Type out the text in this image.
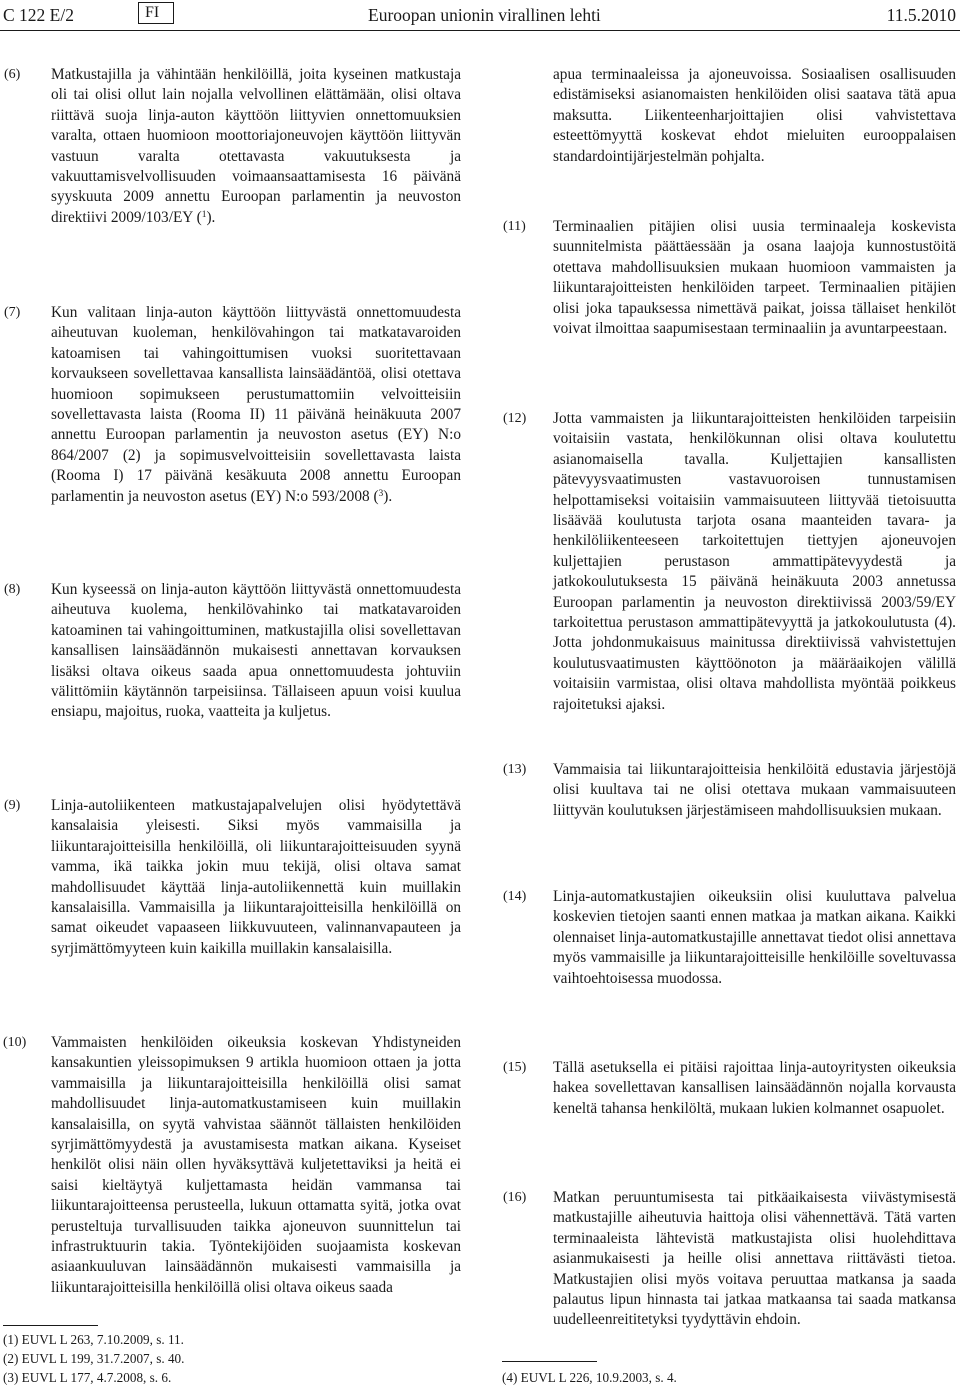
C 122 E/2	FI	Euroopan unionin virallinen lehti	11.5.2010
(6) Matkustajilla ja vähintään henkilöillä, joita kyseinen matkustaja oli tai olisi ollut lain nojalla velvollinen elättämään, olisi oltava riittävä suoja linja-auton käyttöön liittyvien onnettomuuksien varalta, ottaen huomioon moottoriajoneuvojen käyttöön liittyvän vastuun varalta otettavasta vakuutuksesta ja vakuuttamisvelvollisuuden voimaansaattamisesta 16 päivänä syyskuuta 2009 annettu Euroopan parlamentin ja neuvoston direktiivi 2009/103/EY ($^1$).

(7) Kun valitaan linja-auton käyttöön liittyvästä onnettomuudesta aiheutuvan kuoleman, henkilövahingon tai matkatavaroiden katoamisen tai vahingoittumisen vuoksi suoritettavaan korvaukseen sovellettavaa kansallista lainsäädäntöä, olisi otettava huomioon sopimukseen perustumattomiin velvoitteisiin sovellettavasta laista (Rooma II) 11 päivänä heinäkuuta 2007 annettu Euroopan parlamentin ja neuvoston asetus (EY) N:o 864/2007 (2) ja sopimusvelvoitteisiin sovellettavasta laista (Rooma I) 17 päivänä kesäkuuta 2008 annettu Euroopan parlamentin ja neuvoston asetus (EY) N:o 593/2008 ($^3$).

(8) Kun kyseessä on linja-auton käyttöön liittyvästä onnettomuudesta aiheutuva kuolema, henkilövahinko tai matkatavaroiden katoaminen tai vahingoittuminen, matkustajilla olisi sovellettavan kansallisen lainsäädännön mukaisesti annettavan korvauksen lisäksi oltava oikeus saada apua onnettomuudesta johtuviin välittömiin käytännön tarpeisiinsa. Tällaiseen apuun voisi kuulua ensiapu, majoitus, ruoka, vaatteita ja kuljetus.

(9) Linja-autoliikenteen matkustajapalvelujen olisi hyödytettävä kansalaisia yleisesti. Siksi myös vammaisilla ja liikuntarajoitteisilla henkilöillä, oli liikuntarajoitteisuuden syynä vamma, ikä taikka jokin muu tekijä, olisi oltava samat mahdollisuudet käyttää linja-autoliikennettä kuin muillakin kansalaisilla. Vammaisilla ja liikuntarajoitteisilla henkilöillä on samat oikeudet vapaaseen liikkuvuuteen, valinnanvapauteen ja syrjimättömyyteen kuin kaikilla muillakin kansalaisilla.

(10) Vammaisten henkilöiden oikeuksia koskevan Yhdistyneiden kansakuntien yleissopimuksen 9 artikla huomioon ottaen ja jotta vammaisilla ja liikuntarajoitteisilla henkilöillä olisi samat mahdollisuudet linja-automatkustamiseen kuin muillakin kansalaisilla, on syytä vahvistaa säännöt tällaisten henkilöiden syrjimättömyydestä ja avustamisesta matkan aikana. Kyseiset henkilöt olisi näin ollen hyväksyttävä kuljetettaviksi ja heitä ei saisi kieltäytyä kuljettamasta heidän vammansa tai liikuntarajoitteensa perusteella, lukuun ottamatta syitä, jotka ovat perusteltuja turvallisuuden taikka ajoneuvon suunnittelun tai infrastruktuurin takia. Työntekijöiden suojaamista koskevan asiaankuuluvan lainsäädännön mukaisesti vammaisilla ja liikuntarajoitteisilla henkilöillä olisi oltava oikeus saada

(1) EUVL L 263, 7.10.2009, s. 11.
(2) EUVL L 199, 31.7.2007, s. 40.
(3) EUVL L 177, 4.7.2008, s. 6.

apua terminaaleissa ja ajoneuvoissa. Sosiaalisen osallisuuden edistämiseksi asianomaisten henkilöiden olisi saatava tätä apua maksutta. Liikenteenharjoittajien olisi vahvistettava esteettömyyttä koskevat ehdot mieluiten eurooppalaisen standardointijärjestelmän pohjalta.

(11) Terminaalien pitäjien olisi uusia terminaaleja koskevista suunnitelmista päättäessään ja osana laajoja kunnostustöitä otettava mahdollisuuksien mukaan huomioon vammaisten ja liikuntarajoitteisten henkilöiden tarpeet. Terminaalien pitäjien olisi joka tapauksessa nimettävä paikat, joissa tällaiset henkilöt voivat ilmoittaa saapumisestaan terminaaliin ja avuntarpeestaan.

(12) Jotta vammaisten ja liikuntarajoitteisten henkilöiden tarpeisiin voitaisiin vastata, henkilökunnan olisi oltava koulutettu asianomaisella tavalla. Kuljettajien kansallisten pätevyysvaatimusten vastavuoroisen tunnustamisen helpottamiseksi voitaisiin vammaisuuteen liittyvää tietoisuutta lisäävää koulutusta tarjota osana maanteiden tavara- ja henkilöliikenteeseen tarkoitettujen tiettyjen ajoneuvojen kuljettajien perustason ammattipätevyydestä ja jatkokoulutuksesta 15 päivänä heinäkuuta 2003 annetussa Euroopan parlamentin ja neuvoston direktiivissä 2003/59/EY tarkoitettua perustason ammattipätevyyttä ja jatkokoulutusta (4). Jotta johdonmukaisuus mainitussa direktiivissä vahvistettujen koulutusvaatimusten käyttöönoton ja määräaikojen välillä voitaisiin varmistaa, olisi oltava mahdollista myöntää poikkeus rajoitetuksi ajaksi.

(13) Vammaisia tai liikuntarajoitteisia henkilöitä edustavia järjestöjä olisi kuultava tai ne olisi otettava mukaan vammaisuuteen liittyvän koulutuksen järjestämiseen mahdollisuuksien mukaan.

(14) Linja-automatkustajien oikeuksiin olisi kuuluttava palvelua koskevien tietojen saanti ennen matkaa ja matkan aikana. Kaikki olennaiset linja-automatkustajille annettavat tiedot olisi annettava myös vammaisille ja liikuntarajoitteisille henkilöille soveltuvassa vaihtoehtoisessa muodossa.

(15) Tällä asetuksella ei pitäisi rajoittaa linja-autoyritysten oikeuksia hakea sovellettavan kansallisen lainsäädännön nojalla korvausta keneltä tahansa henkilöltä, mukaan lukien kolmannet osapuolet.

(16) Matkan peruuntumisesta tai pitkäaikaisesta viivästymisestä matkustajille aiheutuvia haittoja olisi vähennettävä. Tätä varten terminaaleista lähtevistä matkustajista olisi huolehdittava asianmukaisesti ja heille olisi annettava riittävästi tietoa. Matkustajien olisi myös voitava peruuttaa matkansa ja saada palautus lipun hinnasta tai jatkaa matkaansa tai saada matkansa uudelleenreititetyksi tyydyttävin ehdoin.

(4) EUVL L 226, 10.9.2003, s. 4.
